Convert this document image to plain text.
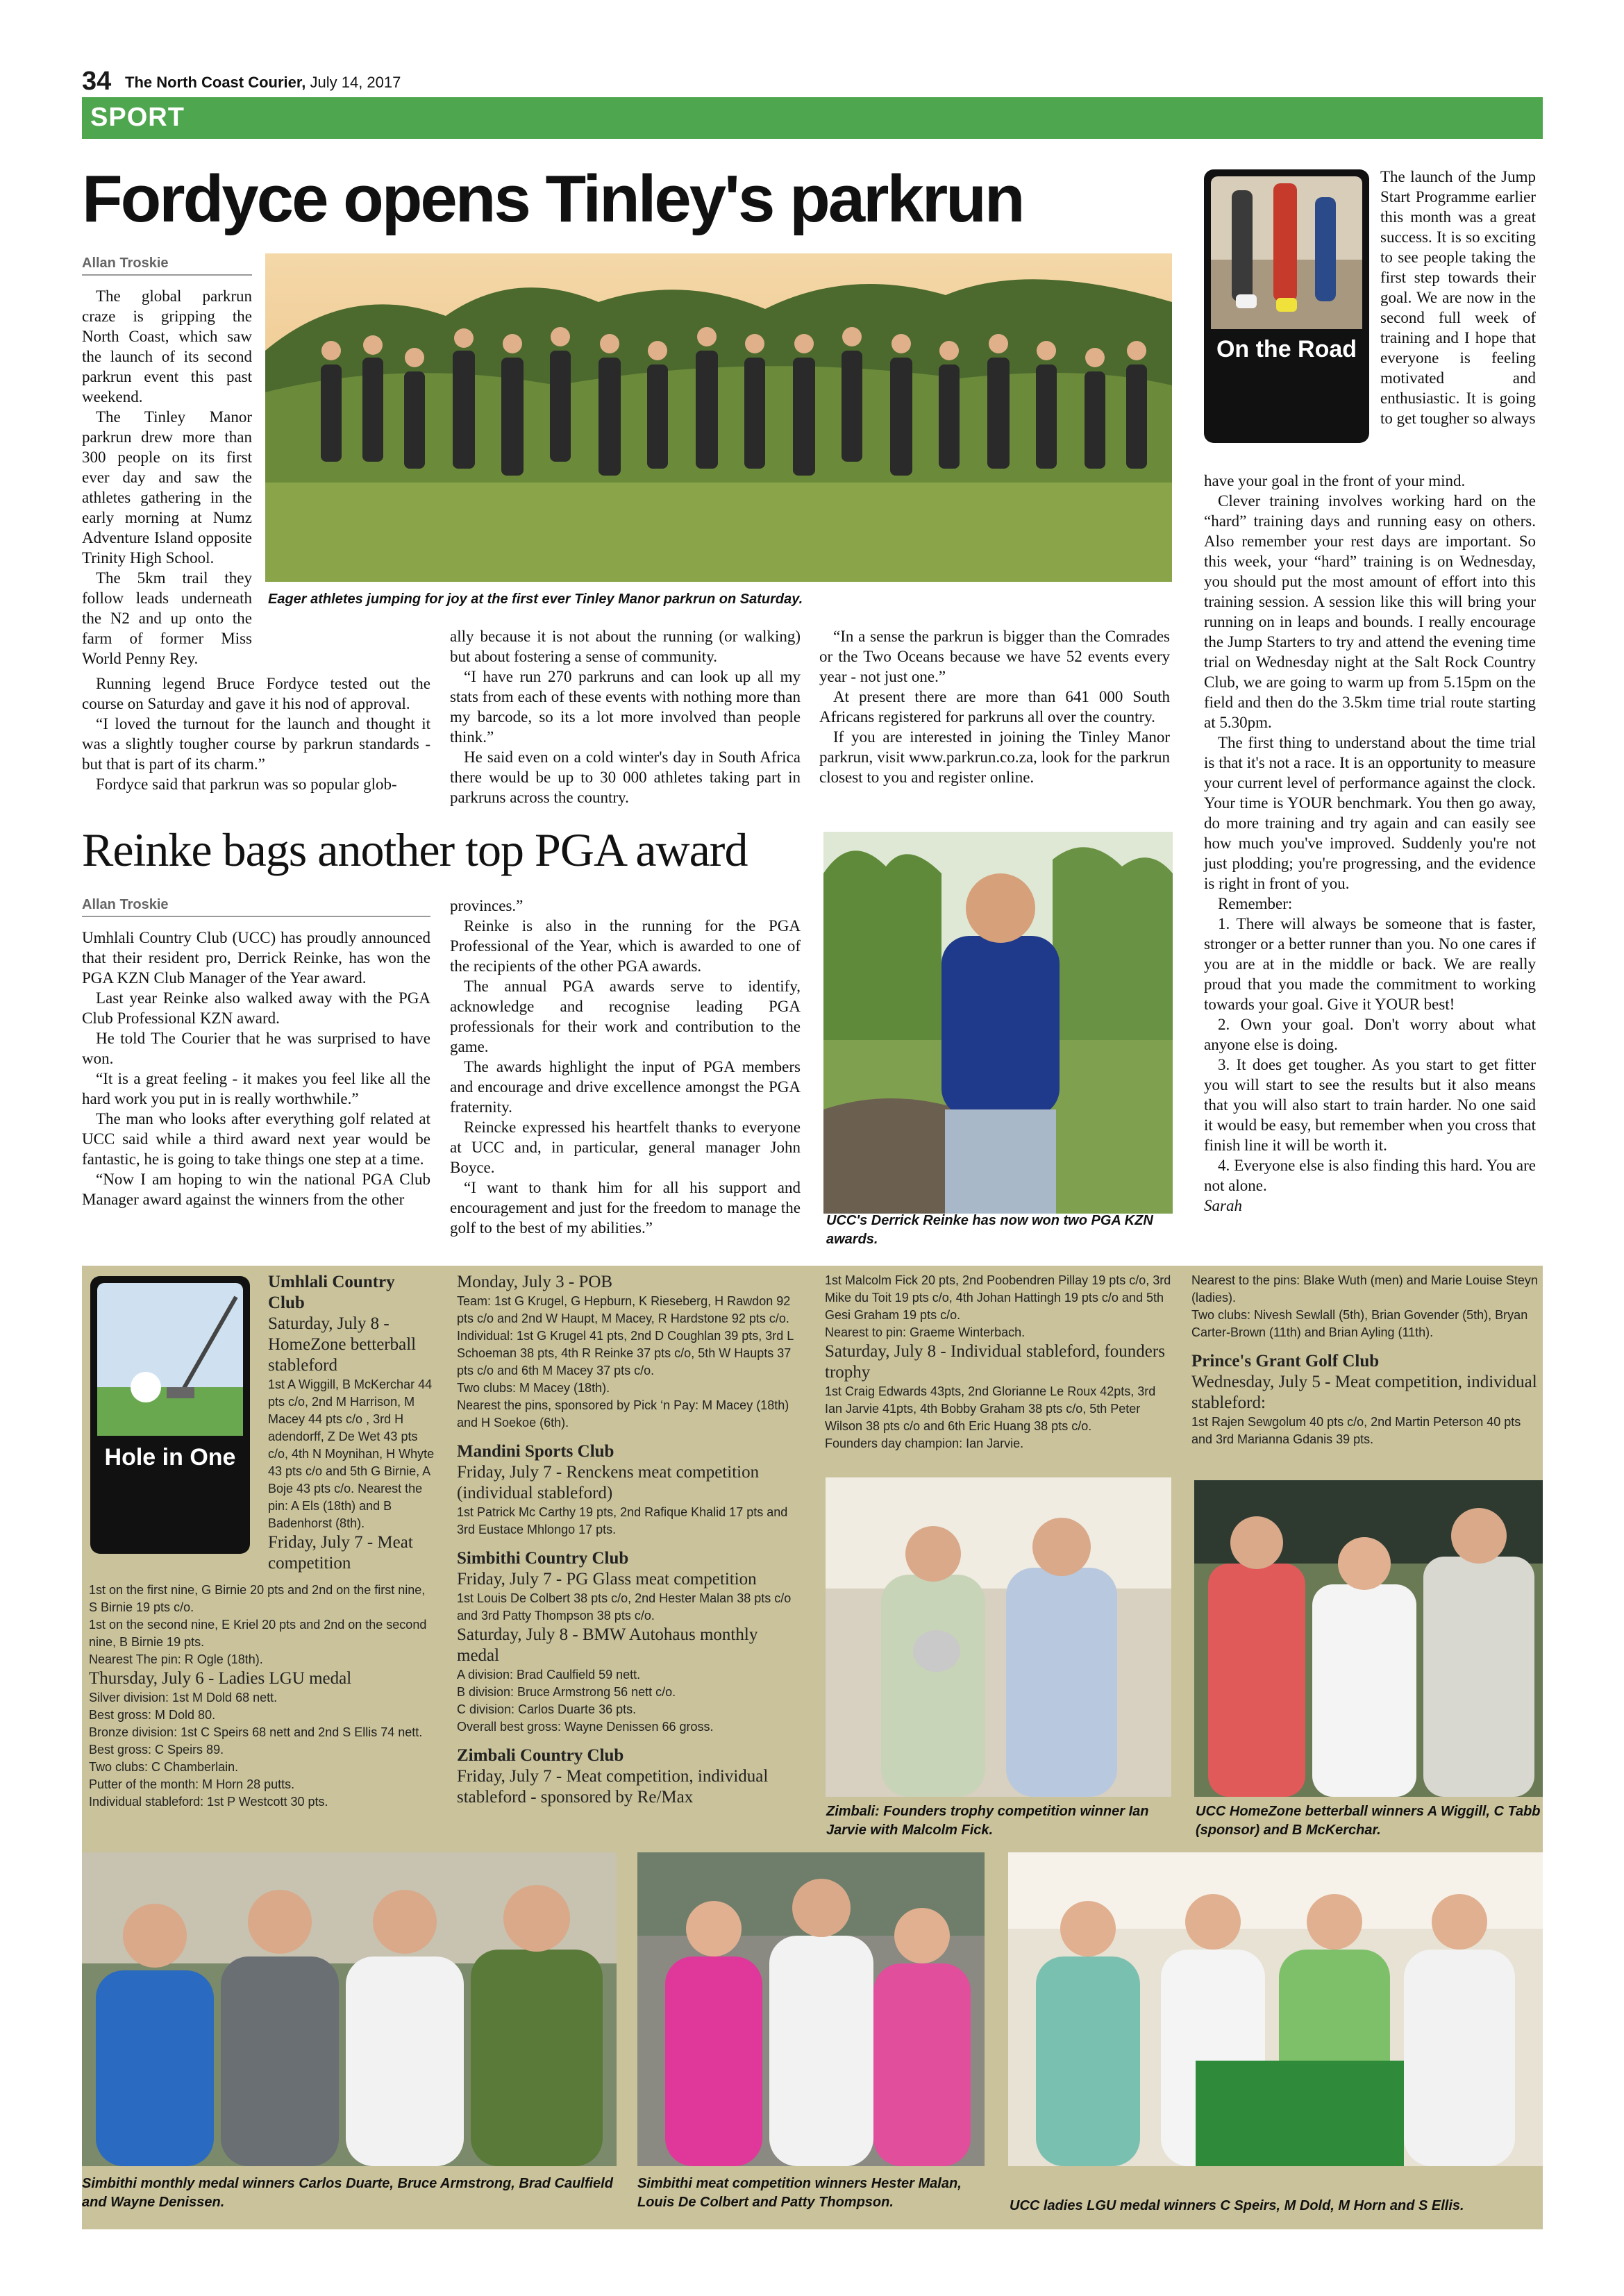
34 The North Coast Courier, July 14, 2017
SPORT
Fordyce opens Tinley's parkrun
Allan Troskie

The global parkrun craze is gripping the North Coast, which saw the launch of its second parkrun event this past weekend.

The Tinley Manor parkrun drew more than 300 people on its first ever day and saw the athletes gathering in the early morning at Numz Adventure Island opposite Trinity High School.

The 5km trail they follow leads underneath the N2 and up onto the farm of former Miss World Penny Rey.

Running legend Bruce Fordyce tested out the course on Saturday and gave it his nod of approval.

“I loved the turnout for the launch and thought it was a slightly tougher course by parkrun standards - but that is part of its charm.”

Fordyce said that parkrun was so popular glob-

Eager athletes jumping for joy at the first ever Tinley Manor parkrun on Saturday.

ally because it is not about the running (or walking) but about fostering a sense of community.

“I have run 270 parkruns and can look up all my stats from each of these events with nothing more than my barcode, so its a lot more involved than people think.”

He said even on a cold winter's day in South Africa there would be up to 30 000 athletes taking part in parkruns across the country.

“In a sense the parkrun is bigger than the Comrades or the Two Oceans because we have 52 events every year - not just one.”

At present there are more than 641 000 South Africans registered for parkruns all over the country.

If you are interested in joining the Tinley Manor parkrun, visit www.parkrun.co.za, look for the parkrun closest to you and register online.

Reinke bags another top PGA award
Allan Troskie

Umhlali Country Club (UCC) has proudly announced that their resident pro, Derrick Reinke, has won the PGA KZN Club Manager of the Year award.

Last year Reinke also walked away with the PGA Club Professional KZN award.

He told The Courier that he was surprised to have won.

“It is a great feeling - it makes you feel like all the hard work you put in is really worthwhile.”

The man who looks after everything golf related at UCC said while a third award next year would be fantastic, he is going to take things one step at a time.

“Now I am hoping to win the national PGA Club Manager award against the winners from the other

provinces.”

Reinke is also in the running for the PGA Professional of the Year, which is awarded to one of the recipients of the other PGA awards.

The annual PGA awards serve to identify, acknowledge and recognise leading PGA professionals for their work and contribution to the game.

The awards highlight the input of PGA members and encourage and drive excellence amongst the PGA fraternity.

Reincke expressed his heartfelt thanks to everyone at UCC and, in particular, general manager John Boyce.

“I want to thank him for all his support and encouragement and just for the freedom to manage the golf to the best of my abilities.”	UCC's Derrick Reinke has now won two PGA KZN awards.
On the Road

The launch of the Jump Start Programme earlier this month was a great success. It is so exciting to see people taking the first step towards their goal. We are now in the second full week of training and I hope that everyone is feeling motivated and enthusiastic. It is going to get tougher so always

have your goal in the front of your mind.

Clever training involves working hard on the “hard” training days and running easy on others. Also remember your rest days are important. So this week, your “hard” training is on Wednesday, you should put the most amount of effort into this training session. A session like this will bring your running on in leaps and bounds. I really encourage the Jump Starters to try and attend the evening time trial on Wednesday night at the Salt Rock Country Club, we are going to warm up from 5.15pm on the field and then do the 3.5km time trial route starting at 5.30pm.

The first thing to understand about the time trial is that it's not a race. It is an opportunity to measure your current level of performance against the clock. Your time is YOUR benchmark. You then go away, do more training and try again and can easily see how much you've improved. Suddenly you're not just plodding; you're progressing, and the evidence is right in front of you.

Remember:

1. There will always be someone that is faster, stronger or a better runner than you. No one cares if you are at in the middle or back. We are really proud that you made the commitment to working towards your goal. Give it YOUR best!

2. Own your goal. Don't worry about what anyone else is doing.

3. It does get tougher. As you start to get fitter you will start to see the results but it also means that you will also start to train harder. No one said it would be easy, but remember when you cross that finish line it will be worth it.

4. Everyone else is also finding this hard. You are not alone.

Sarah

Hole in One

Umhlali Country Club

Saturday, July 8 - HomeZone betterball stableford

1st A Wiggill, B McKerchar 44 pts c/o, 2nd M Harrison, M Macey 44 pts c/o , 3rd H adendorff, Z De Wet 43 pts c/o, 4th N Moynihan, H Whyte 43 pts c/o and 5th G Birnie, A Boje 43 pts c/o. Nearest the pin: A Els (18th) and B Badenhorst (8th).

Friday, July 7 - Meat competition

1st on the first nine, G Birnie 20 pts and 2nd on the first nine, S Birnie 19 pts c/o.

1st on the second nine, E Kriel 20 pts and 2nd on the second nine, B Birnie 19 pts.

Nearest The pin: R Ogle (18th).

Thursday, July 6 - Ladies LGU medal

Silver division: 1st M Dold 68 nett.

Best gross: M Dold 80.

Bronze division: 1st C Speirs 68 nett and 2nd S Ellis 74 nett.

Best gross: C Speirs 89.

Two clubs: C Chamberlain.

Putter of the month: M Horn 28 putts.

Individual stableford: 1st P Westcott 30 pts.

Monday, July 3 - POB

Team: 1st G Krugel, G Hepburn, K Rieseberg, H Rawdon 92 pts c/o and 2nd W Haupt, M Macey, R Hardstone 92 pts c/o.

Individual: 1st G Krugel 41 pts, 2nd D Coughlan 39 pts, 3rd L Schoeman 38 pts, 4th R Reinke 37 pts c/o, 5th W Haupts 37 pts c/o and 6th M Macey 37 pts c/o.

Two clubs: M Macey (18th).

Nearest the pins, sponsored by Pick ‘n Pay: M Macey (18th) and H Soekoe (6th).

Mandini Sports Club

Friday, July 7 - Renckens meat competition (individual stableford)

1st Patrick Mc Carthy 19 pts, 2nd Rafique Khalid 17 pts and 3rd Eustace Mhlongo 17 pts.

Simbithi Country Club

Friday, July 7 - PG Glass meat competition

1st Louis De Colbert 38 pts c/o, 2nd Hester Malan 38 pts c/o and 3rd Patty Thompson 38 pts c/o.

Saturday, July 8 - BMW Autohaus monthly medal

A division: Brad Caulfield 59 nett.

B division: Bruce Armstrong 56 nett c/o.

C division: Carlos Duarte 36 pts.

Overall best gross: Wayne Denissen 66 gross.

Zimbali Country Club

Friday, July 7 - Meat competition, individual stableford - sponsored by Re/Max

1st Malcolm Fick 20 pts, 2nd Poobendren Pillay 19 pts c/o, 3rd Mike du Toit 19 pts c/o, 4th Johan Hattingh 19 pts c/o and 5th Gesi Graham 19 pts c/o.

Nearest to pin: Graeme Winterbach.

Saturday, July 8 - Individual stableford, founders trophy

1st Craig Edwards 43pts, 2nd Glorianne Le Roux 42pts, 3rd Ian Jarvie 41pts, 4th Bobby Graham 38 pts c/o, 5th Peter Wilson 38 pts c/o and 6th Eric Huang 38 pts c/o.

Founders day champion: Ian Jarvie.

Nearest to the pins: Blake Wuth (men) and Marie Louise Steyn (ladies).

Two clubs: Nivesh Sewlall (5th), Brian Govender (5th), Bryan Carter-Brown (11th) and Brian Ayling (11th).

Prince's Grant Golf Club

Wednesday, July 5 - Meat competition, individual stableford:

1st Rajen Sewgolum 40 pts c/o, 2nd Martin Peterson 40 pts and 3rd Marianna Gdanis 39 pts.

Zimbali: Founders trophy competition winner Ian Jarvie with Malcolm Fick.
UCC HomeZone betterball winners A Wiggill, C Tabb (sponsor) and B McKerchar.
Simbithi monthly medal winners Carlos Duarte, Bruce Armstrong, Brad Caulfield and Wayne Denissen.
Simbithi meat competition winners Hester Malan, Louis De Colbert and Patty Thompson.	UCC ladies LGU medal winners C Speirs, M Dold, M Horn and S Ellis.
